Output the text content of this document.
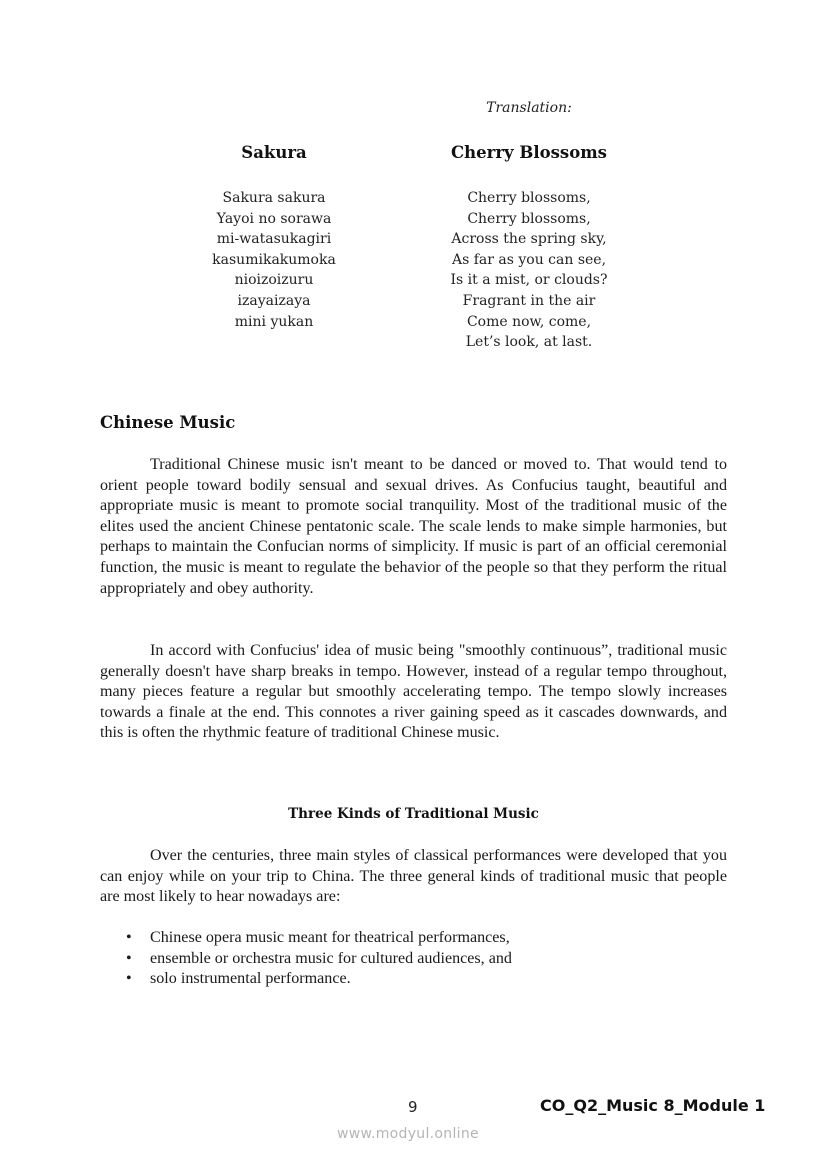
Translation:
Sakura
Sakura sakura
Yayoi no sorawa
mi-watasukagiri
kasumikakumoka
nioizoizuru
izayaizaya
mini yukan
Cherry Blossoms
Cherry blossoms,
Cherry blossoms,
Across the spring sky,
As far as you can see,
Is it a mist, or clouds?
Fragrant in the air
Come now, come,
Let’s look, at last.
Chinese Music

Traditional Chinese music isn't meant to be danced or moved to. That would tend to orient people toward bodily sensual and sexual drives. As Confucius taught, beautiful and appropriate music is meant to promote social tranquility. Most of the traditional music of the elites used the ancient Chinese pentatonic scale. The scale lends to make simple harmonies, but perhaps to maintain the Confucian norms of simplicity. If music is part of an official ceremonial function, the music is meant to regulate the behavior of the people so that they perform the ritual appropriately and obey authority.

In accord with Confucius' idea of music being "smoothly continuous”, traditional music generally doesn't have sharp breaks in tempo. However, instead of a regular tempo throughout, many pieces feature a regular but smoothly accelerating tempo. The tempo slowly increases towards a finale at the end. This connotes a river gaining speed as it cascades downwards, and this is often the rhythmic feature of traditional Chinese music.

Three Kinds of Traditional Music

Over the centuries, three main styles of classical performances were developed that you can enjoy while on your trip to China. The three general kinds of traditional music that people are most likely to hear nowadays are:

• Chinese opera music meant for theatrical performances,
• ensemble or orchestra music for cultured audiences, and
• solo instrumental performance.
9	CO_Q2_Music 8_Module 1
www.modyul.online
